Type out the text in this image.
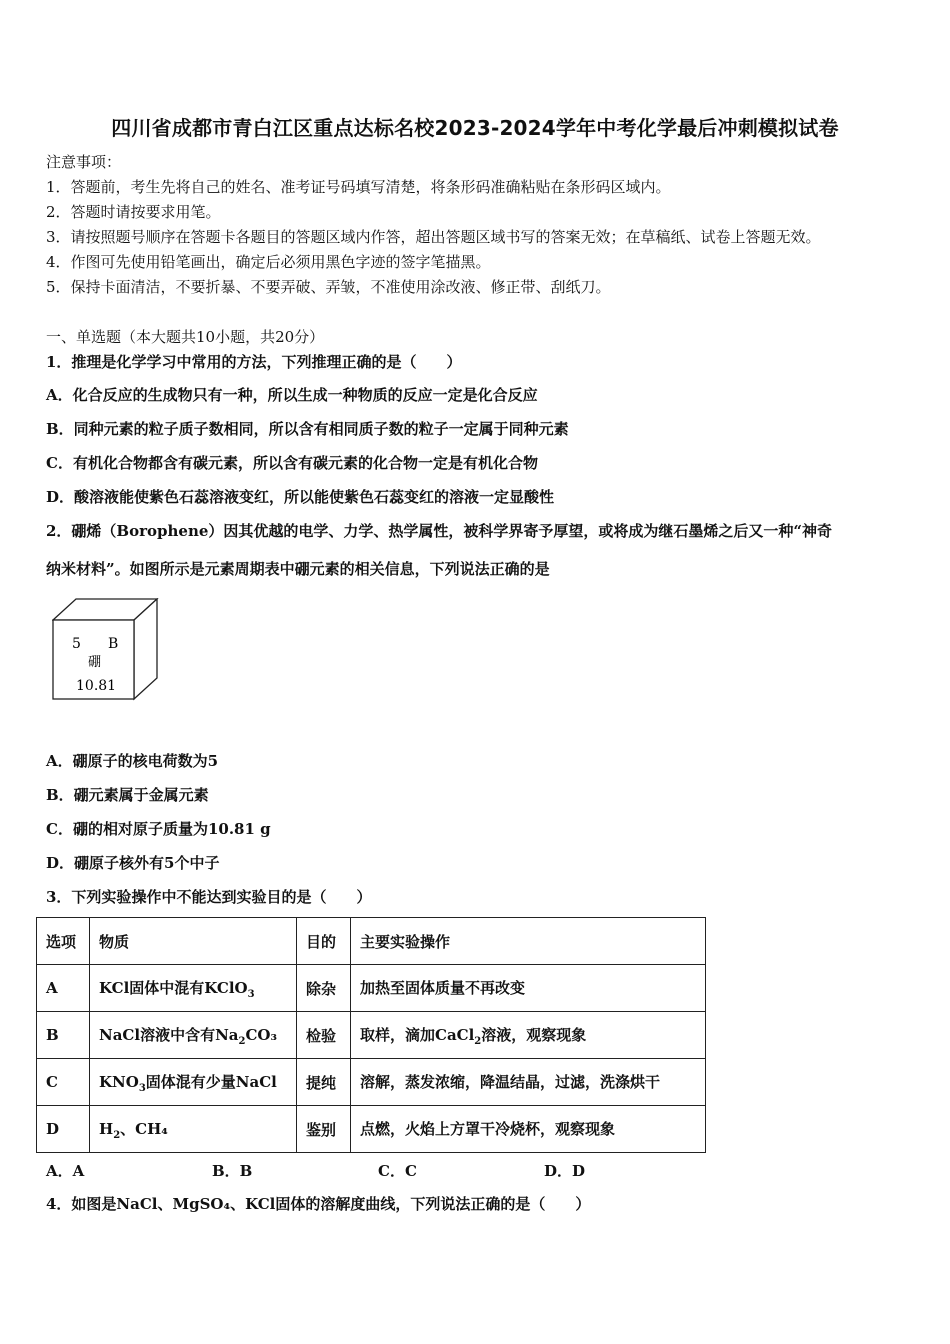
四川省成都市青白江区重点达标名校2023-2024学年中考化学最后冲刺模拟试卷
注意事项：
1．答题前，考生先将自己的姓名、准考证号码填写清楚，将条形码准确粘贴在条形码区域内。
2．答题时请按要求用笔。
3．请按照题号顺序在答题卡各题目的答题区域内作答，超出答题区域书写的答案无效；在草稿纸、试卷上答题无效。
4．作图可先使用铅笔画出，确定后必须用黑色字迹的签字笔描黑。
5．保持卡面清洁，不要折暴、不要弄破、弄皱，不准使用涂改液、修正带、刮纸刀。
一、单选题（本大题共10小题，共20分）
1．推理是化学学习中常用的方法，下列推理正确的是（　　）
A．化合反应的生成物只有一种，所以生成一种物质的反应一定是化合反应
B．同种元素的粒子质子数相同，所以含有相同质子数的粒子一定属于同种元素
C．有机化合物都含有碳元素，所以含有碳元素的化合物一定是有机化合物
D．酸溶液能使紫色石蕊溶液变红，所以能使紫色石蕊变红的溶液一定显酸性
2．硼烯（Borophene）因其优越的电学、力学、热学属性，被科学界寄予厚望，或将成为继石墨烯之后又一种“神奇
纳米材料”。如图所示是元素周期表中硼元素的相关信息，下列说法正确的是
5 B
硼
10.81
A．硼原子的核电荷数为5
B．硼元素属于金属元素
C．硼的相对原子质量为10.81 g
D．硼原子核外有5个中子
3．下列实验操作中不能达到实验目的是（　　）
选项	物质	目的	主要实验操作
A	KCl固体中混有KClO$_3$	除杂	加热至固体质量不再改变
B	NaCl溶液中含有$Na_2CO_3$	检验	取样，滴加CaCl$_2$溶液，观察现象
C	$KNO_3$固体混有少量NaCl	提纯	溶解，蒸发浓缩，降温结晶，过滤，洗涤烘干
D	$H_2$、CH₄	鉴别	点燃，火焰上方罩干冷烧杯，观察现象
A．A	B．B	C．C	D．D
4．如图是NaCl、MgSO₄、KCl固体的溶解度曲线，下列说法正确的是（　　）
